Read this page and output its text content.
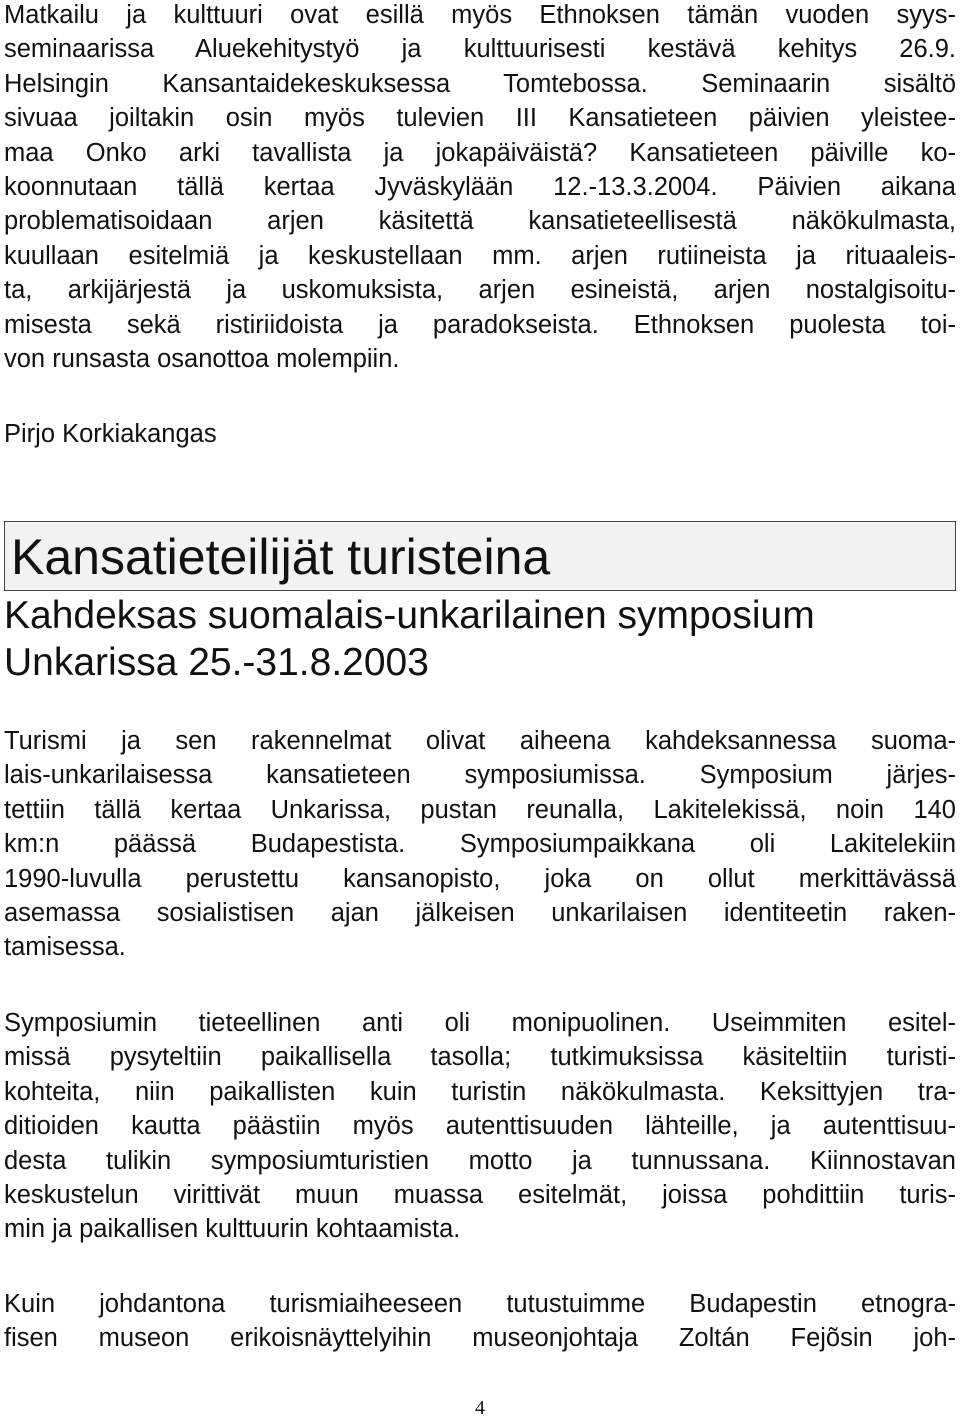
Matkailu ja kulttuuri ovat esillä myös Ethnoksen tämän vuoden syys-
seminaarissa Aluekehitystyö ja kulttuurisesti kestävä kehitys 26.9.
Helsingin Kansantaidekeskuksessa Tomtebossa. Seminaarin sisältö
sivuaa joiltakin osin myös tulevien III Kansatieteen päivien yleistee-
maa Onko arki tavallista ja jokapäiväistä? Kansatieteen päiville ko-
koonnutaan tällä kertaa Jyväskylään 12.-13.3.2004. Päivien aikana
problematisoidaan arjen käsitettä kansatieteellisestä näkökulmasta,
kuullaan esitelmiä ja keskustellaan mm. arjen rutiineista ja rituaaleis-
ta, arkijärjestä ja uskomuksista, arjen esineistä, arjen nostalgisoitu-
misesta sekä ristiriidoista ja paradokseista. Ethnoksen puolesta toi-
von runsasta osanottoa molempiin.
Pirjo Korkiakangas
Kansatieteilijät turisteina
Kahdeksas suomalais-unkarilainen symposium
Unkarissa 25.-31.8.2003
Turismi ja sen rakennelmat olivat aiheena kahdeksannessa suoma-
lais-unkarilaisessa kansatieteen symposiumissa. Symposium järjes-
tettiin tällä kertaa Unkarissa, pustan reunalla, Lakitelekissä, noin 140
km:n päässä Budapestista. Symposiumpaikkana oli Lakitelekiin
1990-luvulla perustettu kansanopisto, joka on ollut merkittävässä
asemassa sosialistisen ajan jälkeisen unkarilaisen identiteetin raken-
tamisessa.
Symposiumin tieteellinen anti oli monipuolinen. Useimmiten esitel-
missä pysyteltiin paikallisella tasolla; tutkimuksissa käsiteltiin turisti-
kohteita, niin paikallisten kuin turistin näkökulmasta. Keksittyjen tra-
ditioiden kautta päästiin myös autenttisuuden lähteille, ja autenttisuu-
desta tulikin symposiumturistien motto ja tunnussana. Kiinnostavan
keskustelun virittivät muun muassa esitelmät, joissa pohdittiin turis-
min ja paikallisen kulttuurin kohtaamista.
Kuin johdantona turismiaiheeseen tutustuimme Budapestin etnogra-
fisen museon erikoisnäyttelyihin museonjohtaja Zoltán Fejõsin joh-
4
